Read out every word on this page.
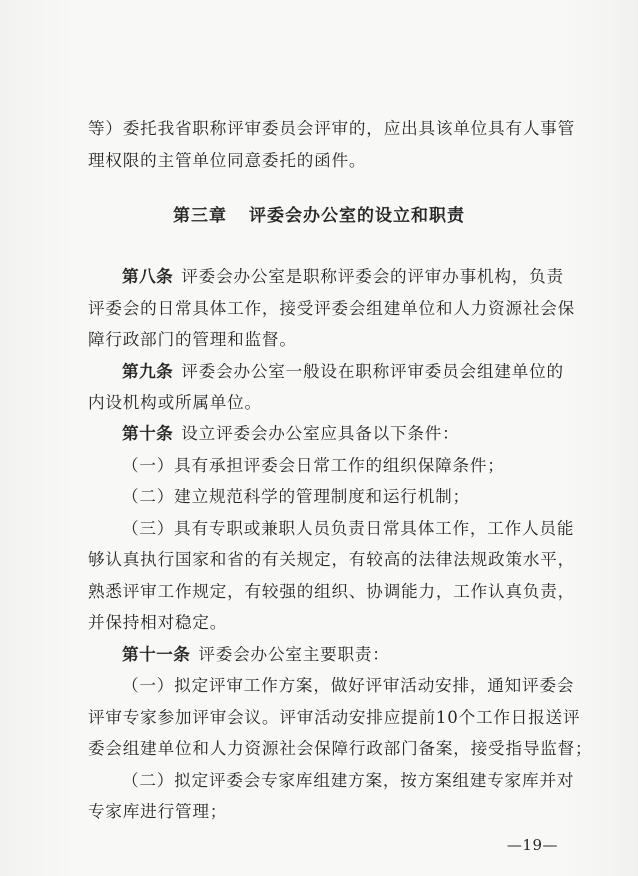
等）委托我省职称评审委员会评审的，应出具该单位具有人事管
理权限的主管单位同意委托的函件。
第三章 评委会办公室的设立和职责
第八条 评委会办公室是职称评委会的评审办事机构，负责
评委会的日常具体工作，接受评委会组建单位和人力资源社会保
障行政部门的管理和监督。
第九条 评委会办公室一般设在职称评审委员会组建单位的
内设机构或所属单位。
第十条 设立评委会办公室应具备以下条件：
（一）具有承担评委会日常工作的组织保障条件；
（二）建立规范科学的管理制度和运行机制；
（三）具有专职或兼职人员负责日常具体工作，工作人员能
够认真执行国家和省的有关规定，有较高的法律法规政策水平，
熟悉评审工作规定，有较强的组织、协调能力，工作认真负责，
并保持相对稳定。
第十一条 评委会办公室主要职责：
（一）拟定评审工作方案，做好评审活动安排，通知评委会
评审专家参加评审会议。评审活动安排应提前10个工作日报送评
委会组建单位和人力资源社会保障行政部门备案，接受指导监督；
（二）拟定评委会专家库组建方案，按方案组建专家库并对
专家库进行管理；
—19—
